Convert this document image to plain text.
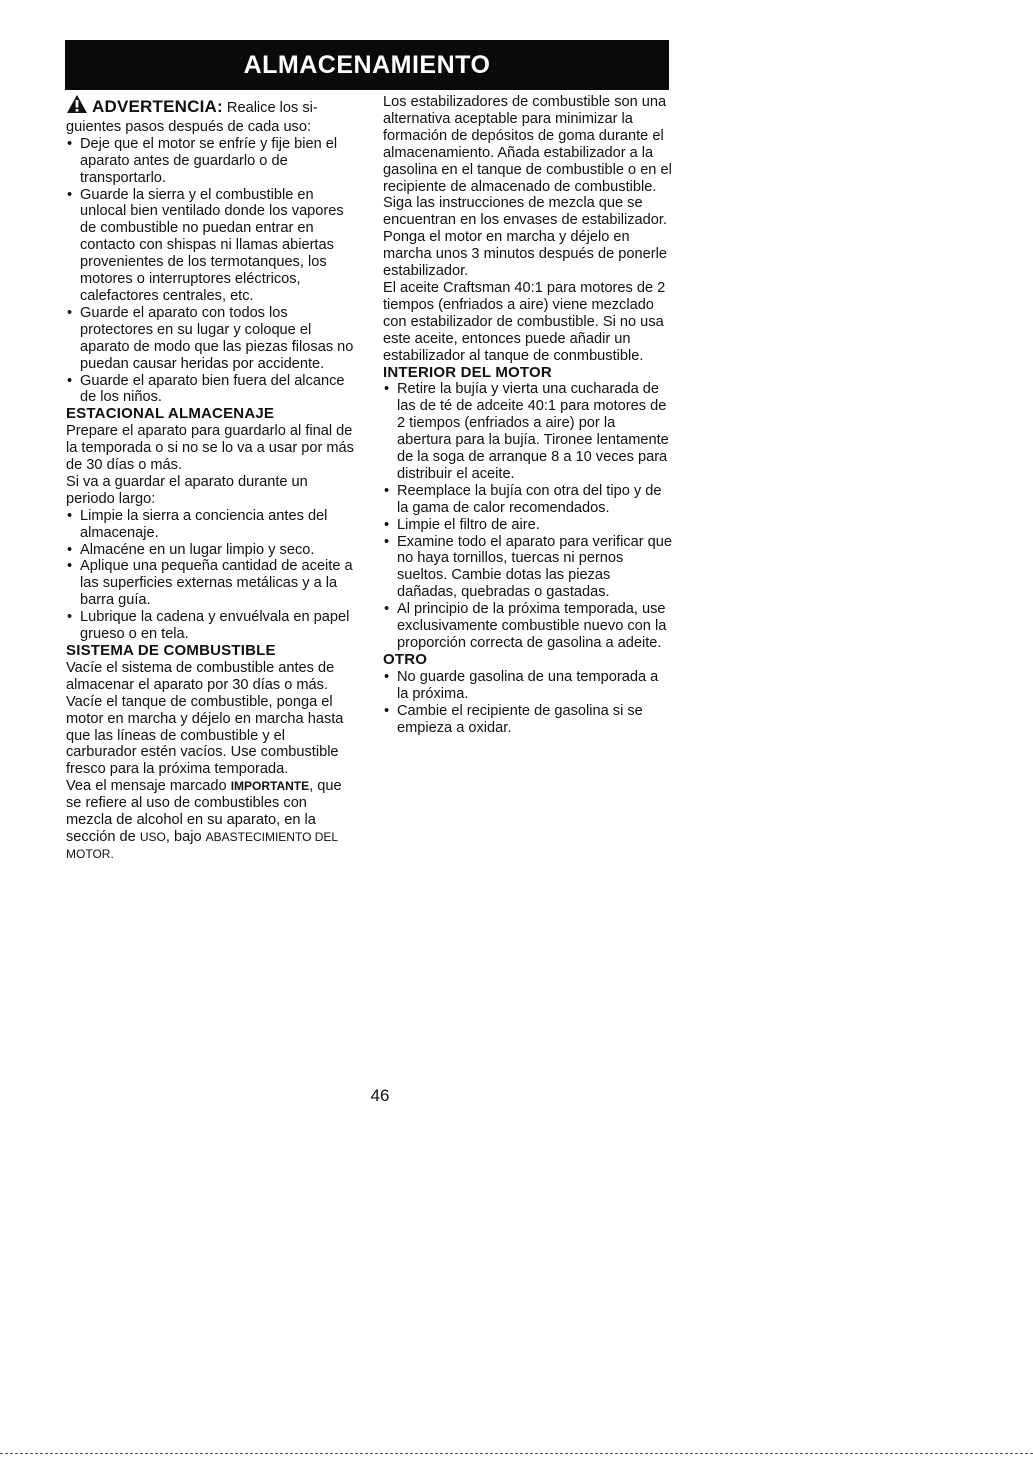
ALMACENAMIENTO

ADVERTENCIA: Realice los si-

guientes pasos después de cada uso:

• Deje que el motor se enfríe y fije bien el aparato antes de guardarlo o de transportarlo.
• Guarde la sierra y el combustible en unlocal bien ventilado donde los vapores de combustible no puedan entrar en contacto con shispas ni llamas abiertas provenientes de los termotanques, los motores o interruptores eléctricos, calefactores centrales, etc.
• Guarde el aparato con todos los protectores en su lugar y coloque el aparato de modo que las piezas filosas no puedan causar heridas por accidente.
• Guarde el aparato bien fuera del alcance de los niños.

ESTACIONAL ALMACENAJE

Prepare el aparato para guardarlo al final de la temporada o si no se lo va a usar por más de 30 días o más.

Si va a guardar el aparato durante un periodo largo:

• Limpie la sierra a conciencia antes del almacenaje.
• Almacéne en un lugar limpio y seco.
• Aplique una pequeña cantidad de aceite a las superficies externas metálicas y a la barra guía.
• Lubrique la cadena y envuélvala en papel grueso o en tela.

SISTEMA DE COMBUSTIBLE

Vacíe el sistema de combustible antes de almacenar el aparato por 30 días o más. Vacíe el tanque de combustible, ponga el motor en marcha y déjelo en marcha hasta que las líneas de combustible y el carburador estén vacíos. Use combustible fresco para la próxima temporada.

Vea el mensaje marcado IMPORTANTE, que se refiere al uso de combustibles con mezcla de alcohol en su aparato, en la sección de USO, bajo ABASTECIMIENTO DEL MOTOR.

Los estabilizadores de combustible son una alternativa aceptable para minimizar la formación de depósitos de goma durante el almacenamiento. Añada estabilizador a la gasolina en el tanque de combustible o en el recipiente de almacenado de combustible. Siga las instrucciones de mezcla que se encuentran en los envases de estabilizador. Ponga el motor en marcha y déjelo en marcha unos 3 minutos después de ponerle estabilizador.

El aceite Craftsman 40:1 para motores de 2 tiempos (enfriados a aire) viene mezclado con estabilizador de combustible. Si no usa este aceite, entonces puede añadir un estabilizador al tanque de conmbustible.

INTERIOR DEL MOTOR

• Retire la bujía y vierta una cucharada de las de té de adceite 40:1 para motores de 2 tiempos (enfriados a aire) por la abertura para la bujía. Tironee lentamente de la soga de arranque 8 a 10 veces para distribuir el aceite.
• Reemplace la bujía con otra del tipo y de la gama de calor recomendados.
• Limpie el filtro de aire.
• Examine todo el aparato para verificar que no haya tornillos, tuercas ni pernos sueltos. Cambie dotas las piezas dañadas, quebradas o gastadas.
• Al principio de la próxima temporada, use exclusivamente combustible nuevo con la proporción correcta de gasolina a adeite.

OTRO

• No guarde gasolina de una temporada a la próxima.
• Cambie el recipiente de gasolina si se empieza a oxidar.
46
